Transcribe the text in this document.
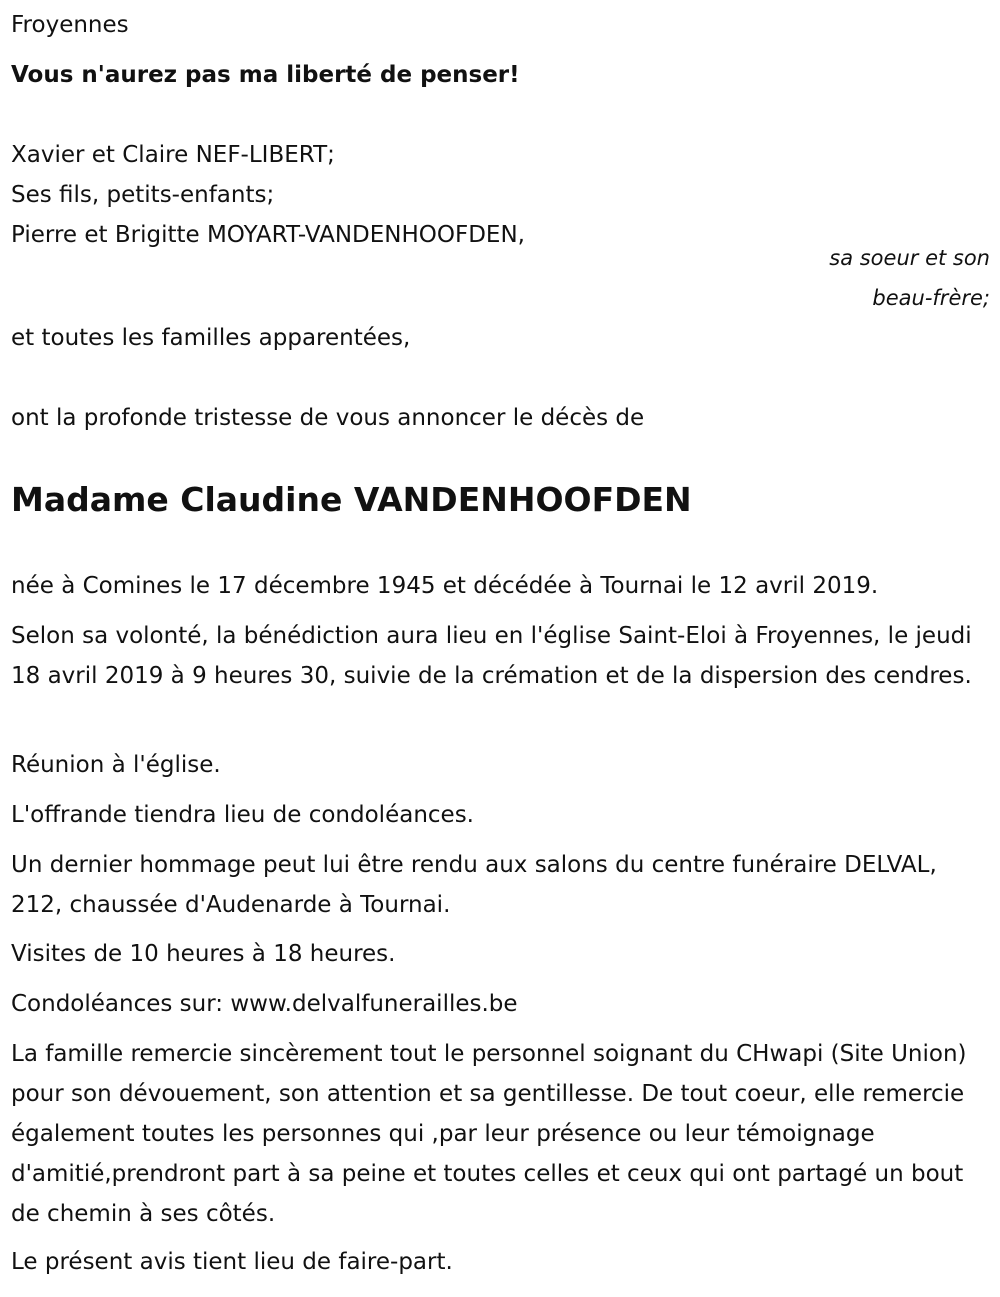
Froyennes
Vous n'aurez pas ma liberté de penser!
Xavier et Claire NEF-LIBERT;
Ses fils, petits-enfants;
Pierre et Brigitte MOYART-VANDENHOOFDEN,
sa soeur et son
beau-frère;
et toutes les familles apparentées,
ont la profonde tristesse de vous annoncer le décès de
Madame Claudine VANDENHOOFDEN
née à Comines le 17 décembre 1945 et décédée à Tournai le 12 avril 2019.
Selon sa volonté, la bénédiction aura lieu en l'église Saint-Eloi à Froyennes, le jeudi 18 avril 2019 à 9 heures 30, suivie de la crémation et de la dispersion des cendres.
Réunion à l'église.
L'offrande tiendra lieu de condoléances.
Un dernier hommage peut lui être rendu aux salons du centre funéraire DELVAL, 212, chaussée d'Audenarde à Tournai.
Visites de 10 heures à 18 heures.
Condoléances sur: www.delvalfunerailles.be
La famille remercie sincèrement tout le personnel soignant du CHwapi (Site Union) pour son dévouement, son attention et sa gentillesse. De tout coeur, elle remercie également toutes les personnes qui ,par leur présence ou leur témoignage d'amitié,prendront part à sa peine et toutes celles et ceux qui ont partagé un bout de chemin à ses côtés.
Le présent avis tient lieu de faire-part.
